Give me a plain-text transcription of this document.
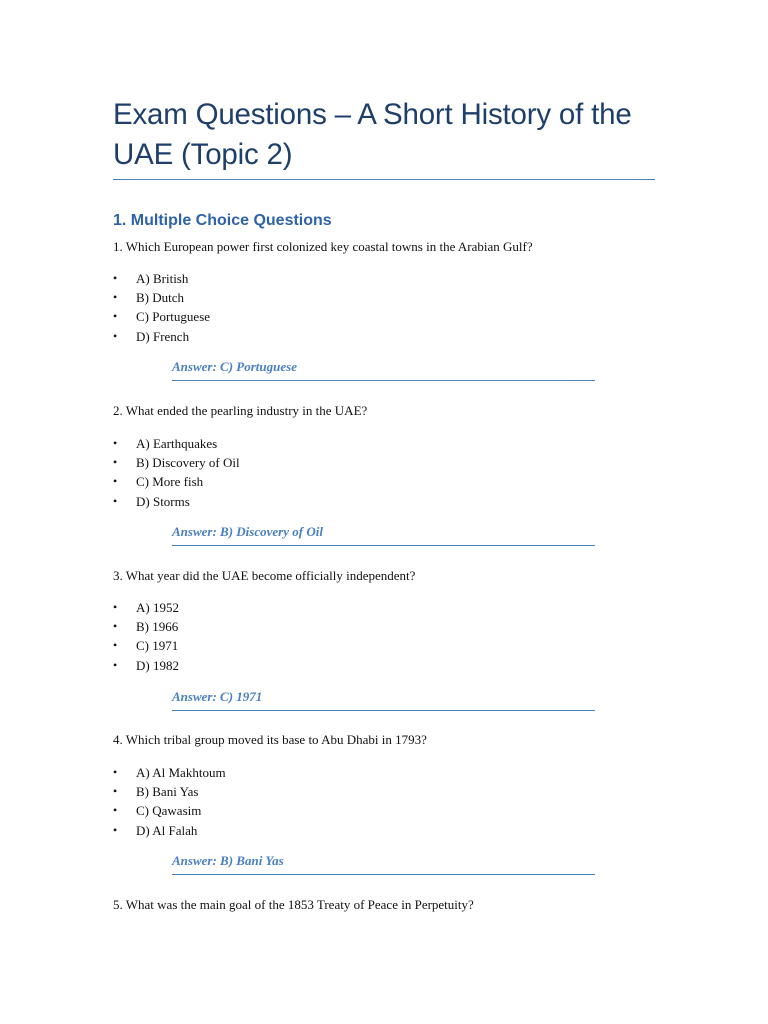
Exam Questions – A Short History of the UAE (Topic 2)
1. Multiple Choice Questions
1. Which European power first colonized key coastal towns in the Arabian Gulf?
• A) British
• B) Dutch
• C) Portuguese
• D) French
Answer: C) Portuguese
2. What ended the pearling industry in the UAE?
• A) Earthquakes
• B) Discovery of Oil
• C) More fish
• D) Storms
Answer: B) Discovery of Oil
3. What year did the UAE become officially independent?
• A) 1952
• B) 1966
• C) 1971
• D) 1982
Answer: C) 1971
4. Which tribal group moved its base to Abu Dhabi in 1793?
• A) Al Makhtoum
• B) Bani Yas
• C) Qawasim
• D) Al Falah
Answer: B) Bani Yas
5. What was the main goal of the 1853 Treaty of Peace in Perpetuity?
